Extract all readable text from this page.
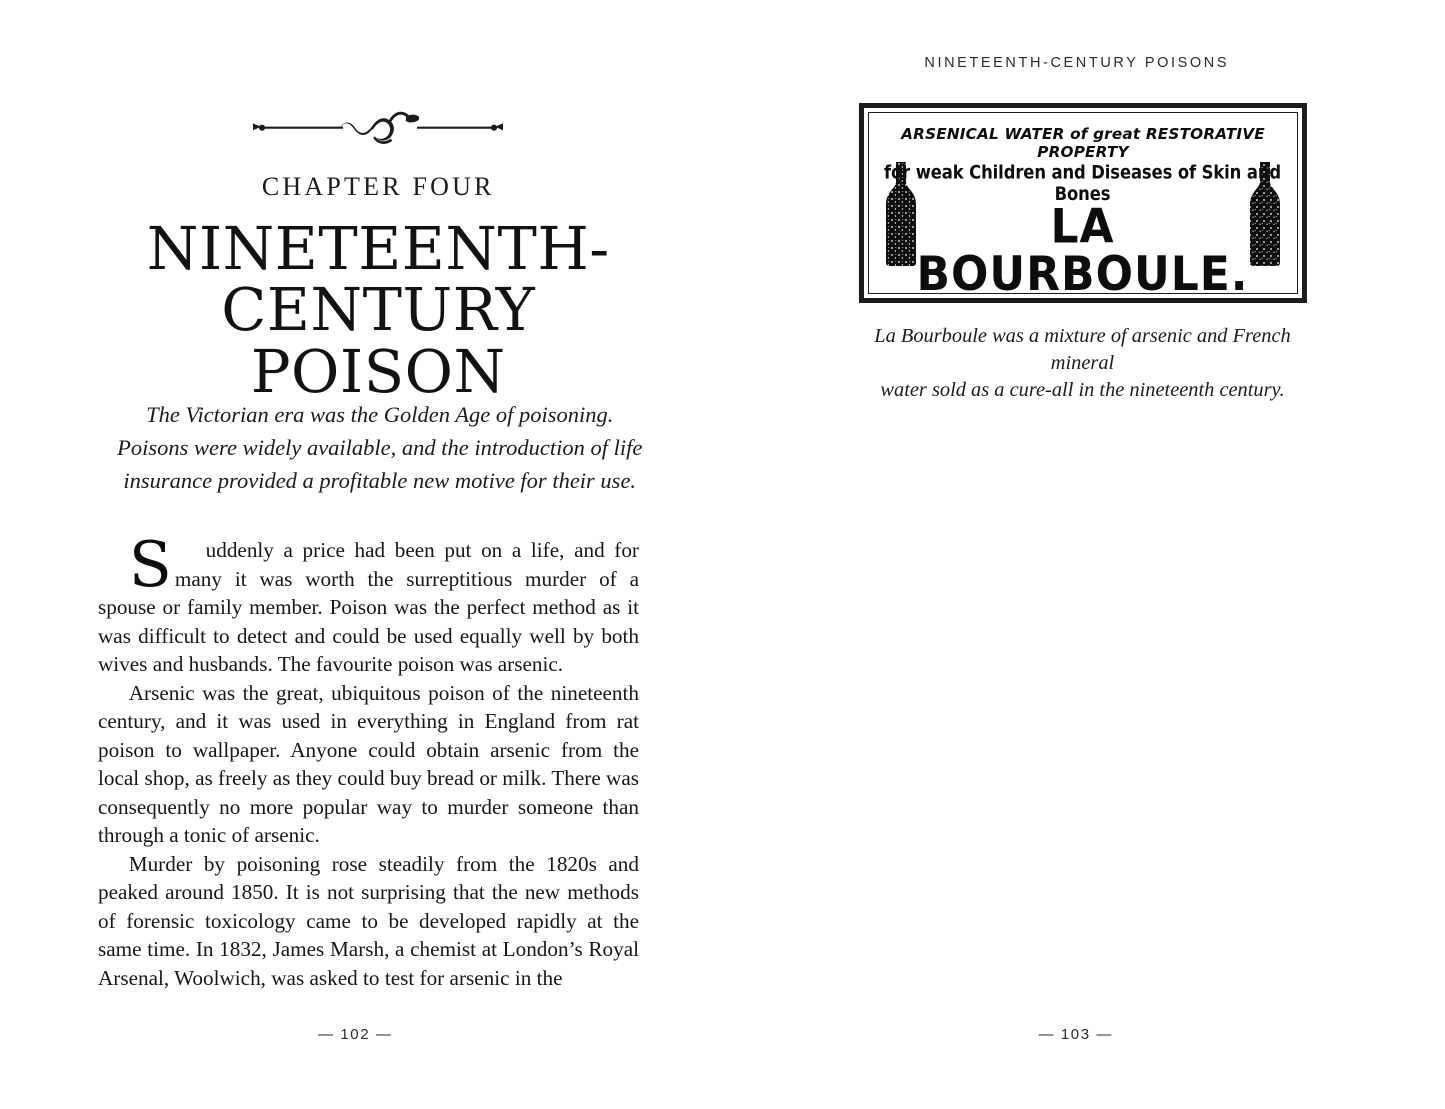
CHAPTER FOUR
NINETEENTH-
CENTURY POISON
The Victorian era was the Golden Age of poisoning.
Poisons were widely available, and the introduction of life
insurance provided a profitable new motive for their use.

S uddenly a price had been put on a life, and for many it was worth the surreptitious murder of a spouse or family member. Poison was the perfect method as it was difficult to detect and could be used equally well by both wives and husbands. The favourite poison was arsenic.

Arsenic was the great, ubiquitous poison of the nineteenth century, and it was used in everything in England from rat poison to wallpaper. Anyone could obtain arsenic from the local shop, as freely as they could buy bread or milk. There was consequently no more popular way to murder someone than through a tonic of arsenic.

Murder by poisoning rose steadily from the 1820s and peaked around 1850. It is not surprising that the new methods of forensic toxicology came to be developed rapidly at the same time. In 1832, James Marsh, a chemist at London’s Royal Arsenal, Woolwich, was asked to test for arsenic in the

— 102 —
NINETEENTH-CENTURY POISONS
ARSENICAL WATER of great RESTORATIVE PROPERTY
for weak Children and Diseases of Skin and Bones
LA BOURBOULE.
La Bourboule was a mixture of arsenic and French mineral
water sold as a cure-all in the nineteenth century.

— 103 —
